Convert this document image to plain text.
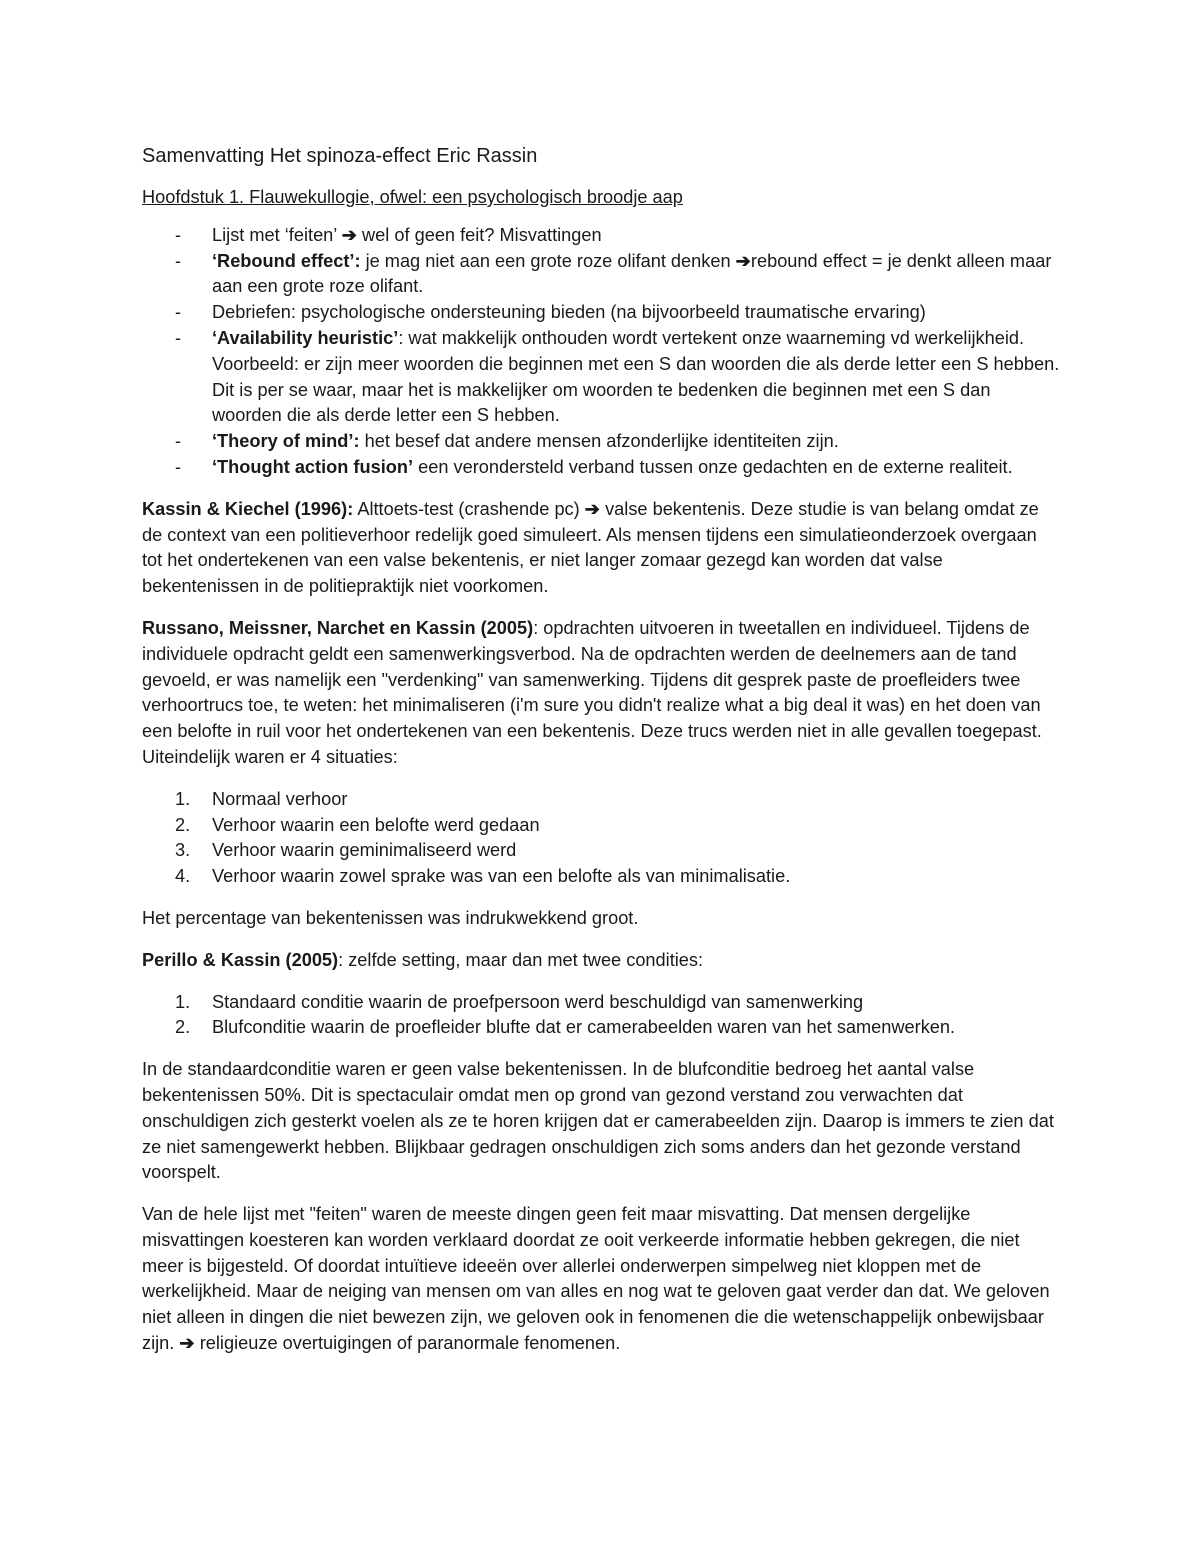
Samenvatting Het spinoza-effect Eric Rassin
Hoofdstuk 1. Flauwekullogie, ofwel: een psychologisch broodje aap
- Lijst met ‘feiten’ ➔ wel of geen feit? Misvattingen
- ‘Rebound effect’: je mag niet aan een grote roze olifant denken ➔rebound effect = je denkt alleen maar aan een grote roze olifant.
- Debriefen: psychologische ondersteuning bieden (na bijvoorbeeld traumatische ervaring)
- ‘Availability heuristic’: wat makkelijk onthouden wordt vertekent onze waarneming vd werkelijkheid. Voorbeeld: er zijn meer woorden die beginnen met een S dan woorden die als derde letter een S hebben. Dit is per se waar, maar het is makkelijker om woorden te bedenken die beginnen met een S dan woorden die als derde letter een S hebben.
- ‘Theory of mind’: het besef dat andere mensen afzonderlijke identiteiten zijn.
- ‘Thought action fusion’ een verondersteld verband tussen onze gedachten en de externe realiteit.

Kassin & Kiechel (1996): Alttoets-test (crashende pc) ➔ valse bekentenis. Deze studie is van belang omdat ze de context van een politieverhoor redelijk goed simuleert. Als mensen tijdens een simulatieonderzoek overgaan tot het ondertekenen van een valse bekentenis, er niet langer zomaar gezegd kan worden dat valse bekentenissen in de politiepraktijk niet voorkomen.

Russano, Meissner, Narchet en Kassin (2005): opdrachten uitvoeren in tweetallen en individueel. Tijdens de individuele opdracht geldt een samenwerkingsverbod. Na de opdrachten werden de deelnemers aan de tand gevoeld, er was namelijk een "verdenking" van samenwerking. Tijdens dit gesprek paste de proefleiders twee verhoortrucs toe, te weten: het minimaliseren (i'm sure you didn't realize what a big deal it was) en het doen van een belofte in ruil voor het ondertekenen van een bekentenis. Deze trucs werden niet in alle gevallen toegepast. Uiteindelijk waren er 4 situaties:

1. Normaal verhoor
2. Verhoor waarin een belofte werd gedaan
3. Verhoor waarin geminimaliseerd werd
4. Verhoor waarin zowel sprake was van een belofte als van minimalisatie.

Het percentage van bekentenissen was indrukwekkend groot.

Perillo & Kassin (2005): zelfde setting, maar dan met twee condities:

1. Standaard conditie waarin de proefpersoon werd beschuldigd van samenwerking
2. Blufconditie waarin de proefleider blufte dat er camerabeelden waren van het samenwerken.

In de standaardconditie waren er geen valse bekentenissen. In de blufconditie bedroeg het aantal valse bekentenissen 50%. Dit is spectaculair omdat men op grond van gezond verstand zou verwachten dat onschuldigen zich gesterkt voelen als ze te horen krijgen dat er camerabeelden zijn. Daarop is immers te zien dat ze niet samengewerkt hebben. Blijkbaar gedragen onschuldigen zich soms anders dan het gezonde verstand voorspelt.

Van de hele lijst met "feiten" waren de meeste dingen geen feit maar misvatting. Dat mensen dergelijke misvattingen koesteren kan worden verklaard doordat ze ooit verkeerde informatie hebben gekregen, die niet meer is bijgesteld. Of doordat intuïtieve ideeën over allerlei onderwerpen simpelweg niet kloppen met de werkelijkheid. Maar de neiging van mensen om van alles en nog wat te geloven gaat verder dan dat. We geloven niet alleen in dingen die niet bewezen zijn, we geloven ook in fenomenen die die wetenschappelijk onbewijsbaar zijn. ➔ religieuze overtuigingen of paranormale fenomenen.
